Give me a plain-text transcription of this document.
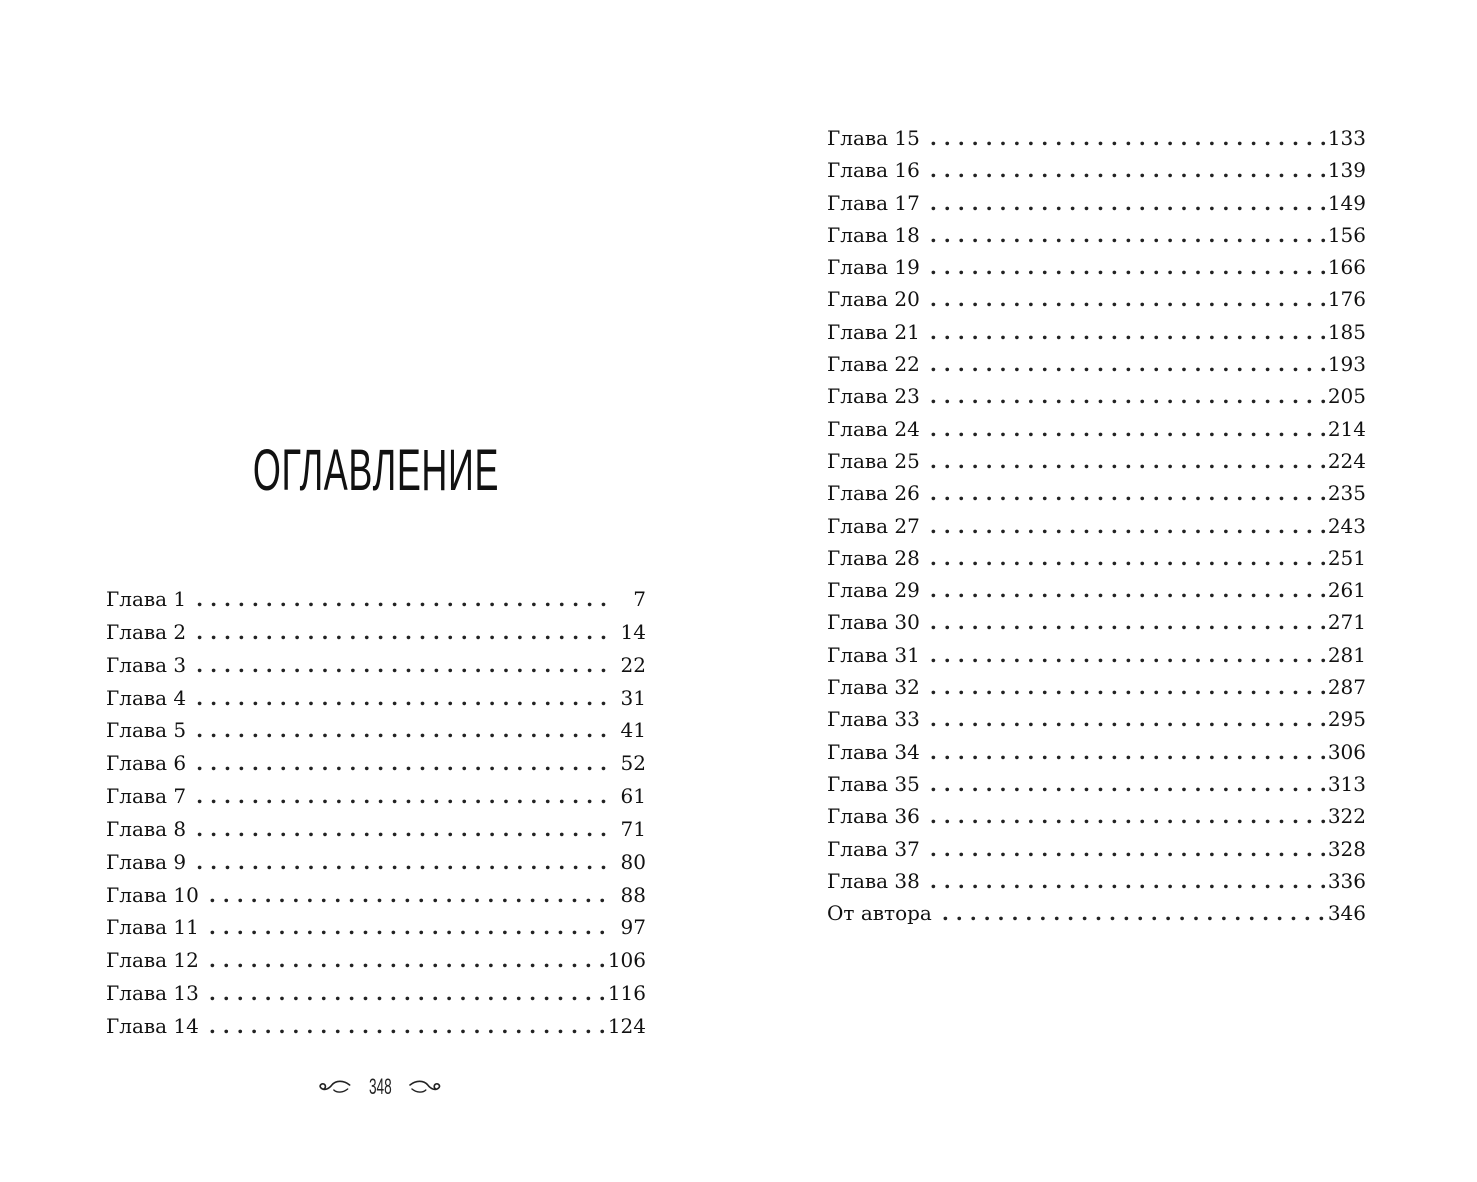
ОГЛАВЛЕНИЕ
Глава 1 . . .	7
Глава 2 . . .	14
Глава 3 . . .	22
Глава 4 . . .	31
Глава 5 . . .	41
Глава 6 . . .	52
Глава 7 . . .	61
Глава 8 . . .	71
Глава 9 . . .	80
Глава 10 . . .	88
Глава 11 . . .	97
Глава 12 . . .	106
Глава 13 . . .	116
Глава 14 . . .	124
348
Глава 15 . . .	133
Глава 16 . . .	139
Глава 17 . . .	149
Глава 18 . . .	156
Глава 19 . . .	166
Глава 20 . . .	176
Глава 21 . . .	185
Глава 22 . . .	193
Глава 23 . . .	205
Глава 24 . . .	214
Глава 25 . . .	224
Глава 26 . . .	235
Глава 27 . . .	243
Глава 28 . . .	251
Глава 29 . . .	261
Глава 30 . . .	271
Глава 31 . . .	281
Глава 32 . . .	287
Глава 33 . . .	295
Глава 34 . . .	306
Глава 35 . . .	313
Глава 36 . . .	322
Глава 37 . . .	328
Глава 38 . . .	336
От автора . . .	346
